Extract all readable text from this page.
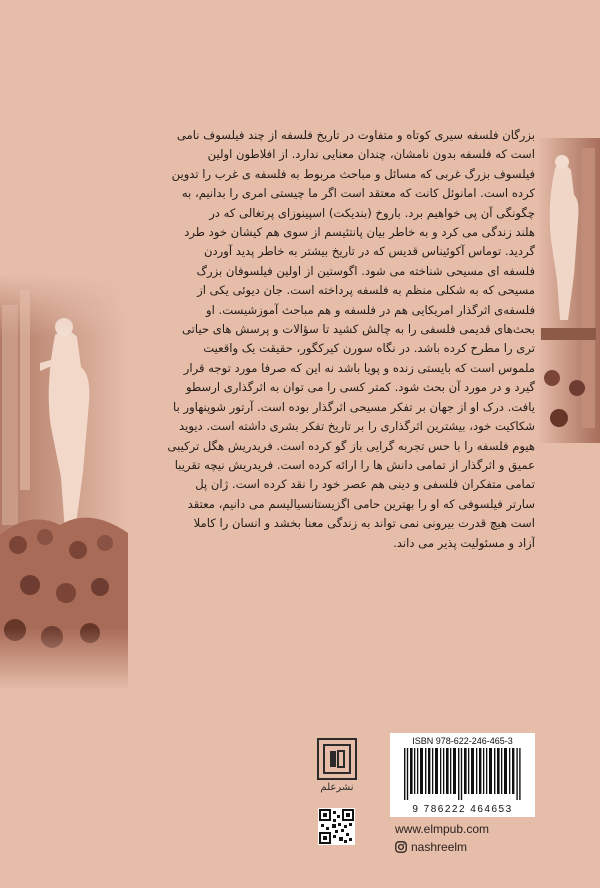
بزرگان فلسفه سیری کوتاه و متفاوت در تاریخ فلسفه از چند فیلسوف نامی
است که فلسفه بدون نامشان، چندان معنایی ندارد. از افلاطون اولین
فیلسوف بزرگ غربی که مسائل و مباحث مربوط به فلسفه ی غرب را تدوین
کرده است. امانوئل کانت که معتقد است اگر ما چیستی امری را بدانیم، به
چگونگی آن پی خواهیم برد. باروخ (بندیکت) اسپینوزای پرتغالی که در
هلند زندگی می کرد و به خاطر بیان پانتئیسم از سوی هم کیشان خود طرد
گردید. توماس آکوئیناس قدیس که در تاریخ بیشتر به خاطر پدید آوردن
فلسفه ای مسیحی شناخته می شود. اگوستین از اولین فیلسوفان بزرگ
مسیحی که به شکلی منظم به فلسفه پرداخته است. جان دیوئی یکی از
فلسفه‌ی اثرگذار امریکایی هم در فلسفه و هم مباحث آموزشیست. او
بحث‌های قدیمی فلسفی را به چالش کشید تا سؤالات و پرسش های حیاتی
تری را مطرح کرده باشد. در نگاه سورن کیرکگور، حقیقت یک واقعیت
ملموس است که بایستی زنده و پویا باشد نه این که صرفا مورد توجه قرار
گیرد و در مورد آن بحث شود. کمتر کسی را می توان به اثرگذاری ارسطو
یافت. درک او از جهان بر تفکر مسیحی اثرگذار بوده است. آرتور شوپنهاور با
شکاکیت خود، بیشترین اثرگذاری را بر تاریخ تفکر بشری داشته است. دیوید
هیوم فلسفه را با حس تجربه گرایی باز گو کرده است. فریدریش هگل ترکیبی
عمیق و اثرگذار از تمامی دانش ها را ارائه کرده است. فریدریش نیچه تقریبا
تمامی متفکران فلسفی و دینی هم عصر خود را نقد کرده است. ژان پل
سارتر فیلسوفی که او را بهترین حامی اگزیستانسیالیسم می دانیم، معتقد
است هیچ قدرت بیرونی نمی تواند به زندگی معنا بخشد و انسان را کاملا
آزاد و مسئولیت پذیر می داند.
نشرعلم
ISBN 978-622-246-465-3
9 786222 464653
www.elmpub.com
nashreelm
